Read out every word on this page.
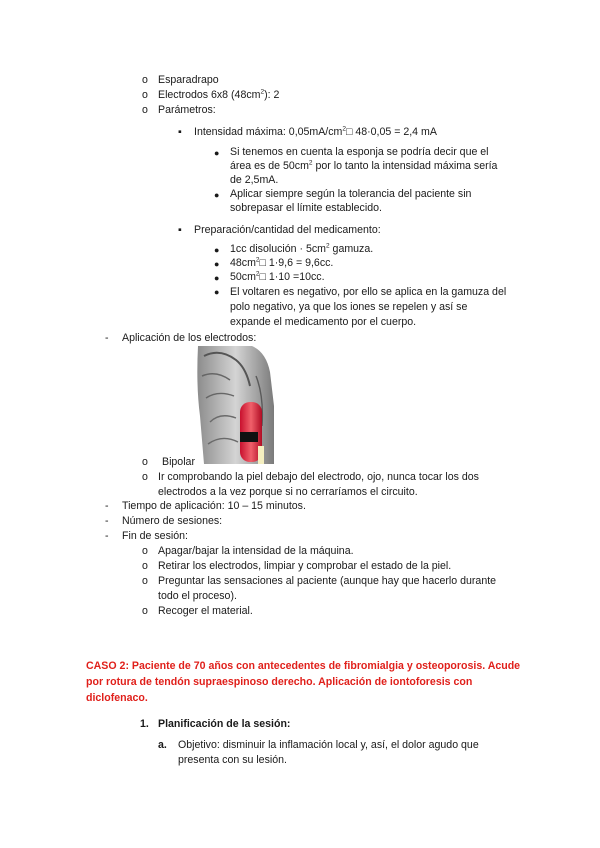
o Esparadrapo
o Electrodos 6x8 $(48cm^2)$: 2
o Parámetros:
▪ Intensidad máxima: $0,05mA/cm^2□$ 48·0,05 = 2,4 mA
● Si tenemos en cuenta la esponja se podría decir que el
área es de $50cm^2$ por lo tanto la intensidad máxima sería
de 2,5mA.
● Aplicar siempre según la tolerancia del paciente sin
sobrepasar el límite establecido.
▪ Preparación/cantidad del medicamento:
● 1cc disolución · $5cm^2$ gamuza.
● $48cm^2□$ 1·9,6 = 9,6cc.
● $50cm^2□$ 1·10 =10cc.
● El voltaren es negativo, por ello se aplica en la gamuza del
polo negativo, ya que los iones se repelen y así se
expande el medicamento por el cuerpo.
- Aplicación de los electrodos:
o Bipolar
o Ir comprobando la piel debajo del electrodo, ojo, nunca tocar los dos
electrodos a la vez porque si no cerraríamos el circuito.
- Tiempo de aplicación: 10 – 15 minutos.
- Número de sesiones:
- Fin de sesión:
o Apagar/bajar la intensidad de la máquina.
o Retirar los electrodos, limpiar y comprobar el estado de la piel.
o Preguntar las sensaciones al paciente (aunque hay que hacerlo durante
todo el proceso).
o Recoger el material.
CASO 2: Paciente de 70 años con antecedentes de fibromialgia y osteoporosis. Acude
por rotura de tendón supraespinoso derecho. Aplicación de iontoforesis con
diclofenaco.
1. Planificación de la sesión:
a. Objetivo: disminuir la inflamación local y, así, el dolor agudo que
presenta con su lesión.
